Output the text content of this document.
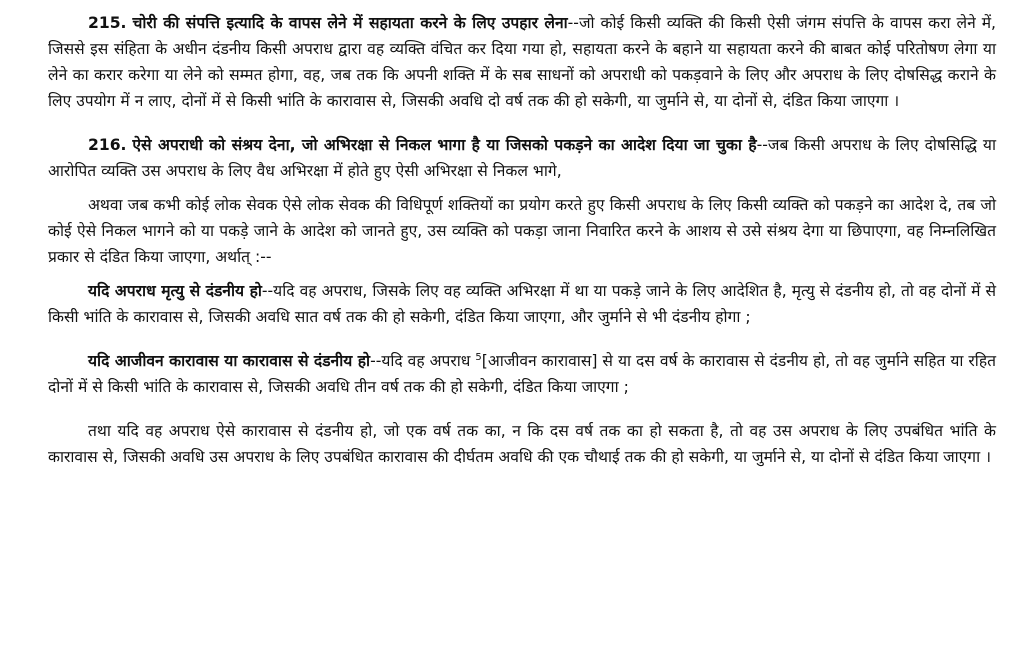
215. चोरी की संपत्ति इत्यादि के वापस लेने में सहायता करने के लिए उपहार लेना--जो कोई किसी व्यक्ति की किसी ऐसी जंगम संपत्ति के वापस करा लेने में, जिससे इस संहिता के अधीन दंडनीय किसी अपराध द्वारा वह व्यक्ति वंचित कर दिया गया हो, सहायता करने के बहाने या सहायता करने की बाबत कोई परितोषण लेगा या लेने का करार करेगा या लेने को सम्मत होगा, वह, जब तक कि अपनी शक्ति में के सब साधनों को अपराधी को पकड़वाने के लिए और अपराध के लिए दोषसिद्ध कराने के लिए उपयोग में न लाए, दोनों में से किसी भांति के कारावास से, जिसकी अवधि दो वर्ष तक की हो सकेगी, या जुर्माने से, या दोनों से, दंडित किया जाएगा ।

216. ऐसे अपराधी को संश्रय देना, जो अभिरक्षा से निकल भागा है या जिसको पकड़ने का आदेश दिया जा चुका है--जब किसी अपराध के लिए दोषसिद्धि या आरोपित व्यक्ति उस अपराध के लिए वैध अभिरक्षा में होते हुए ऐसी अभिरक्षा से निकल भागे,

अथवा जब कभी कोई लोक सेवक ऐसे लोक सेवक की विधिपूर्ण शक्तियों का प्रयोग करते हुए किसी अपराध के लिए किसी व्यक्ति को पकड़ने का आदेश दे, तब जो कोई ऐसे निकल भागने को या पकड़े जाने के आदेश को जानते हुए, उस व्यक्ति को पकड़ा जाना निवारित करने के आशय से उसे संश्रय देगा या छिपाएगा, वह निम्नलिखित प्रकार से दंडित किया जाएगा, अर्थात् :--

यदि अपराध मृत्यु से दंडनीय हो--यदि वह अपराध, जिसके लिए वह व्यक्ति अभिरक्षा में था या पकड़े जाने के लिए आदेशित है, मृत्यु से दंडनीय हो, तो वह दोनों में से किसी भांति के कारावास से, जिसकी अवधि सात वर्ष तक की हो सकेगी, दंडित किया जाएगा, और जुर्माने से भी दंडनीय होगा ;

यदि आजीवन कारावास या कारावास से दंडनीय हो--यदि वह अपराध $^5$[आजीवन कारावास] से या दस वर्ष के कारावास से दंडनीय हो, तो वह जुर्माने सहित या रहित दोनों में से किसी भांति के कारावास से, जिसकी अवधि तीन वर्ष तक की हो सकेगी, दंडित किया जाएगा ;

तथा यदि वह अपराध ऐसे कारावास से दंडनीय हो, जो एक वर्ष तक का, न कि दस वर्ष तक का हो सकता है, तो वह उस अपराध के लिए उपबंधित भांति के कारावास से, जिसकी अवधि उस अपराध के लिए उपबंधित कारावास की दीर्घतम अवधि की एक चौथाई तक की हो सकेगी, या जुर्माने से, या दोनों से दंडित किया जाएगा ।
